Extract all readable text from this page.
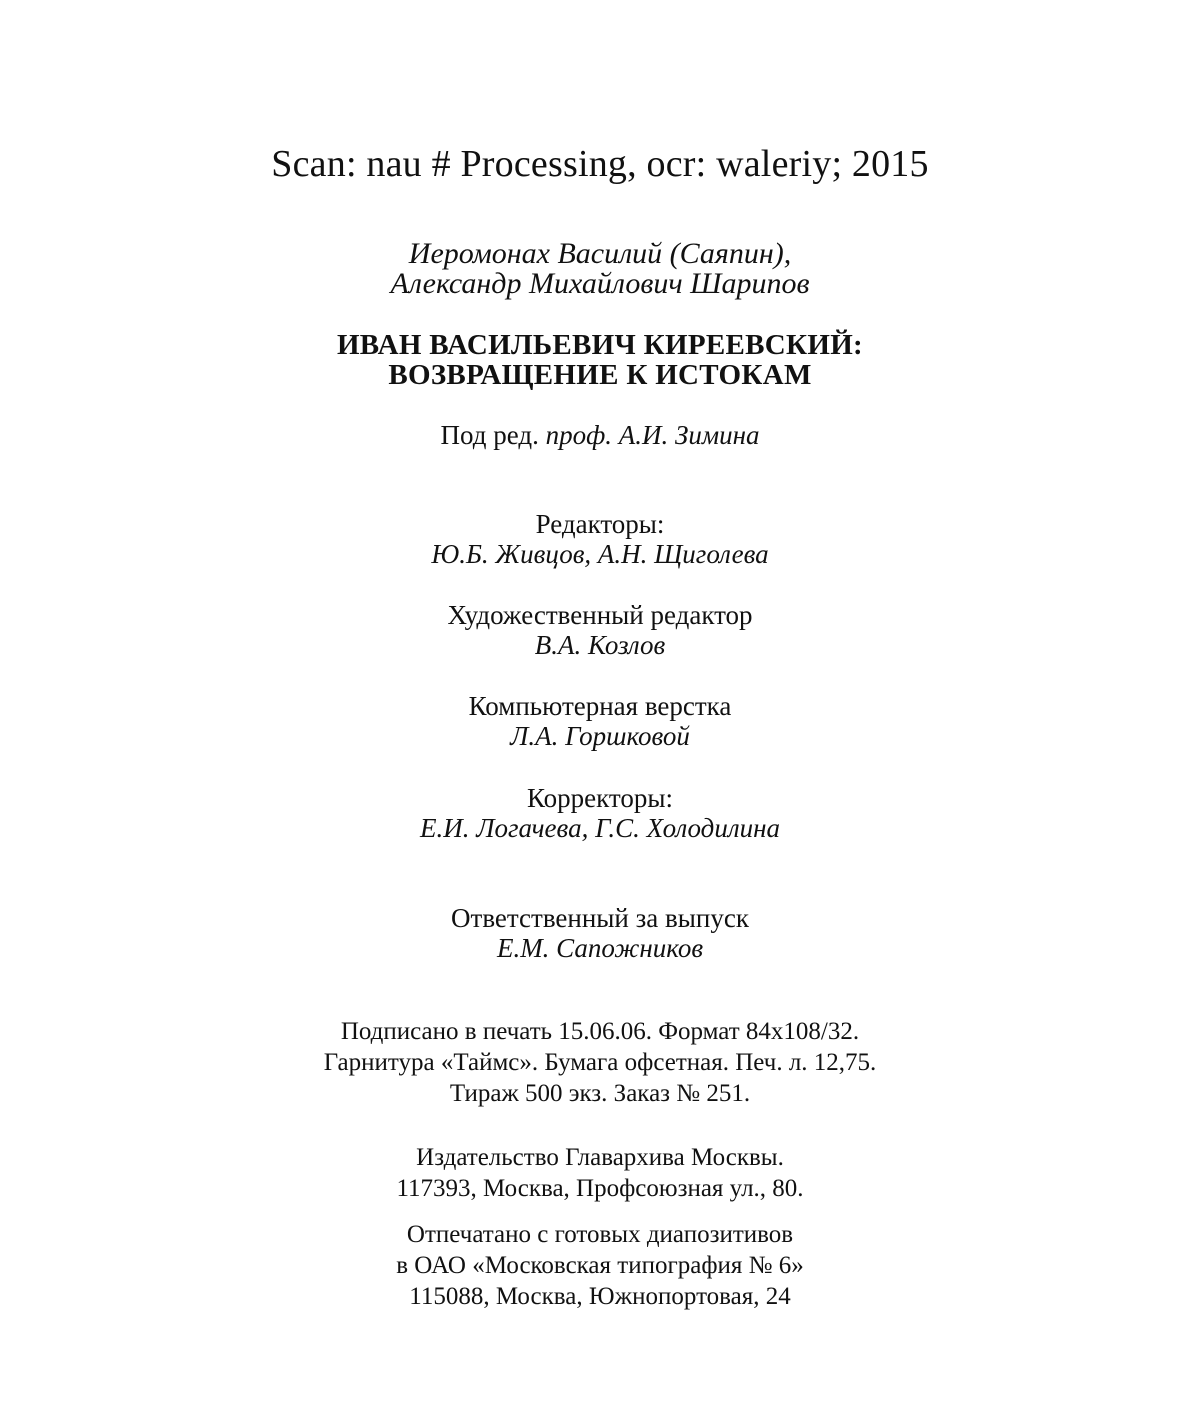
Scan: nau # Processing, ocr: waleriy; 2015
Иеромонах Василий (Саяпин),
Александр Михайлович Шарипов
ИВАН ВАСИЛЬЕВИЧ КИРЕЕВСКИЙ:
ВОЗВРАЩЕНИЕ К ИСТОКАМ
Под ред. проф. А.И. Зимина
Редакторы:
Ю.Б. Живцов, А.Н. Щиголева
Художественный редактор
В.А. Козлов
Компьютерная верстка
Л.А. Горшковой
Корректоры:
Е.И. Логачева, Г.С. Холодилина
Ответственный за выпуск
Е.М. Сапожников
Подписано в печать 15.06.06. Формат 84x108/32.
Гарнитура «Таймс». Бумага офсетная. Печ. л. 12,75.
Тираж 500 экз. Заказ № 251.
Издательство Главархива Москвы.
117393, Москва, Профсоюзная ул., 80.
Отпечатано с готовых диапозитивов
в ОАО «Московская типография № 6»
115088, Москва, Южнопортовая, 24
